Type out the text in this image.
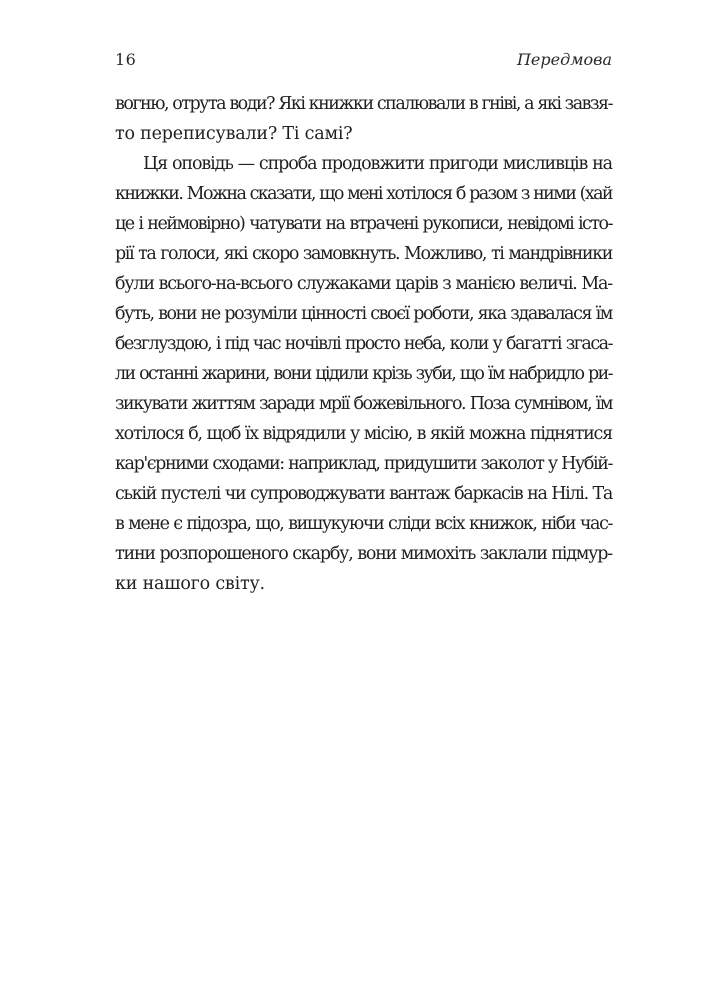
16	Передмова
вогню, отрута води? Які книжки спалювали в гніві, а які завзя-
то переписували? Ті самі?
Ця оповідь — спроба продовжити пригоди мисливців на
книжки. Можна сказати, що мені хотілося б разом з ними (хай
це і неймовірно) чатувати на втрачені рукописи, невідомі істо-
рії та голоси, які скоро замовкнуть. Можливо, ті мандрівники
були всього-на-всього служаками царів з манією величі. Ма-
буть, вони не розуміли цінності своєї роботи, яка здавалася їм
безглуздою, і під час ночівлі просто неба, коли у багатті згаса-
ли останні жарини, вони цідили крізь зуби, що їм набридло ри-
зикувати життям заради мрії божевільного. Поза сумнівом, їм
хотілося б, щоб їх відрядили у місію, в якій можна піднятися
кар'єрними сходами: наприклад, придушити заколот у Нубій-
ській пустелі чи супроводжувати вантаж баркасів на Нілі. Та
в мене є підозра, що, вишукуючи сліди всіх книжок, ніби час-
тини розпорошеного скарбу, вони мимохіть заклали підмур-
ки нашого світу.
